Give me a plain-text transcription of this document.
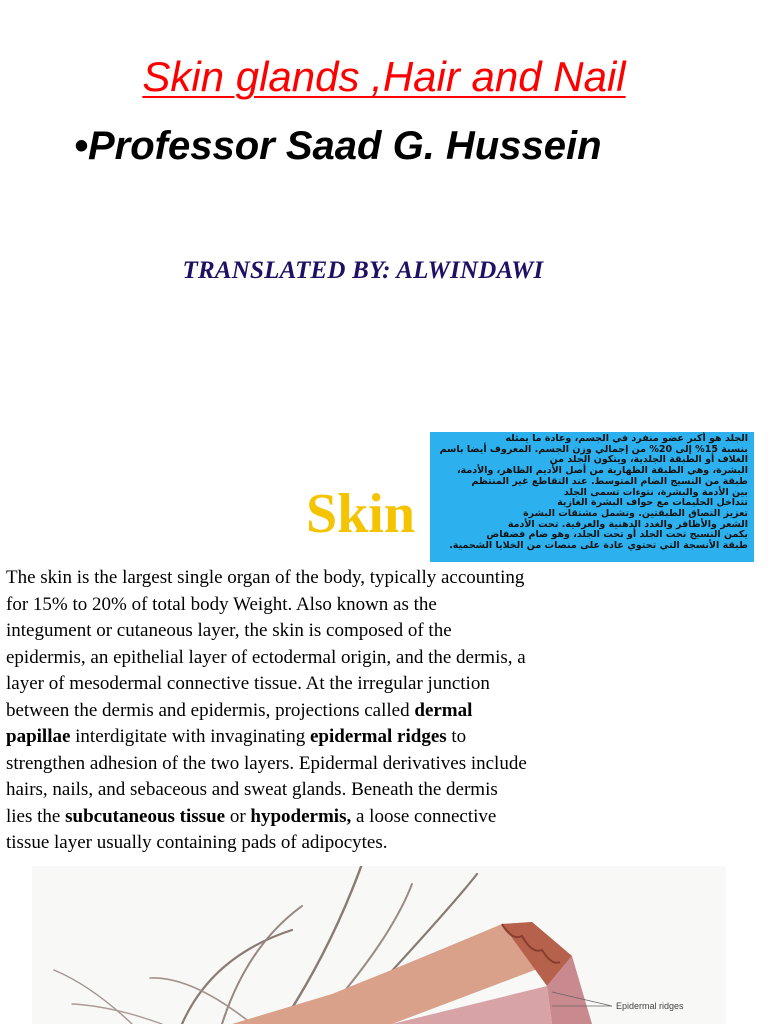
Skin glands ,Hair and Nail
•Professor Saad G. Hussein
TRANSLATED BY: ALWINDAWI
Skin
الجلد هو أكبر عضو منفرد في الجسم، وعادة ما يمثله
بنسبة 15% إلى 20% من إجمالي وزن الجسم. المعروف أيضا باسم
الغلاف أو الطبقة الجلدية، ويتكون الجلد من
البشرة، وهي الطبقة الظهارية من أصل الأديم الظاهر، والأدمة،
طبقة من النسيج الضام المتوسط. عند التقاطع غير المنتظم
بين الأدمة والبشرة، نتوءات تسمى الجلد
تتداخل الحليمات مع حواف البشرة الغازية
تعزيز التصاق الطبقتين. وتشمل مشتقات البشرة
الشعر والأظافر والغدد الدهنية والعرقية. تحت الأدمة
يكمن النسيج تحت الجلد أو تحت الجلد، وهو ضام فضفاض
طبقة الأنسجة التي تحتوي عادة على منصات من الخلايا الشحمية.
The skin is the largest single organ of the body, typically accounting
for 15% to 20% of total body Weight. Also known as the
integument or cutaneous layer, the skin is composed of the
epidermis, an epithelial layer of ectodermal origin, and the dermis, a
layer of mesodermal connective tissue. At the irregular junction
between the dermis and epidermis, projections called dermal
papillae interdigitate with invaginating epidermal ridges to
strengthen adhesion of the two layers. Epidermal derivatives include
hairs, nails, and sebaceous and sweat glands. Beneath the dermis
lies the subcutaneous tissue or hypodermis, a loose connective
tissue layer usually containing pads of adipocytes.
Epidermal ridges
